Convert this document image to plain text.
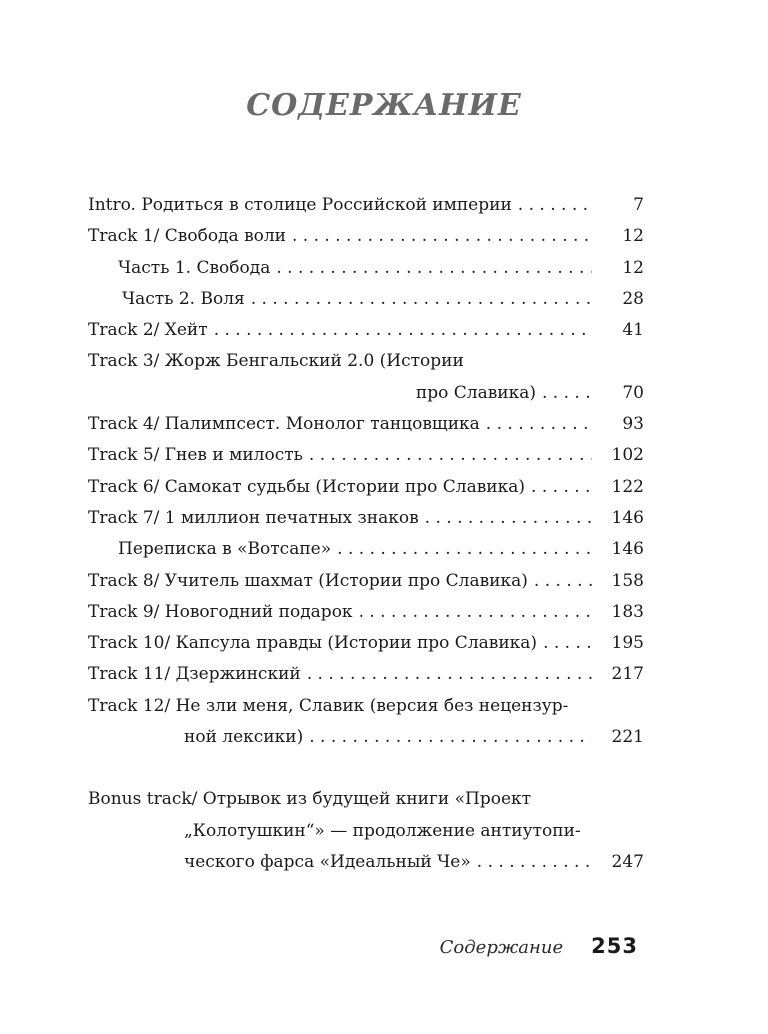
СОДЕРЖАНИЕ
Intro. Родиться в столице Российской империи . . .	7
Track 1/ Свобода воли . . .	12
Часть 1. Свобода . . .	12
Часть 2. Воля . . .	28
Track 2/ Хейт . . .	41
Track 3/ Жорж Бенгальский 2.0 (Истории
про Славика) . . .	70
Track 4/ Палимпсест. Монолог танцовщика . . .	93
Track 5/ Гнев и милость . . .	102
Track 6/ Самокат судьбы (Истории про Славика) . . .	122
Track 7/ 1 миллион печатных знаков . . .	146
Переписка в «Вотсапе» . . .	146
Track 8/ Учитель шахмат (Истории про Славика) . . .	158
Track 9/ Новогодний подарок . . .	183
Track 10/ Капсула правды (Истории про Славика) . . .	195
Track 11/ Дзержинский . . .	217
Track 12/ Не зли меня, Славик (версия без нецензур-
ной лексики) . . .	221
Bonus track/ Отрывок из будущей книги «Проект
„Колотушкин“» — продолжение антиутопи-
ческого фарса «Идеальный Че» . . .	247
Содержание 253
